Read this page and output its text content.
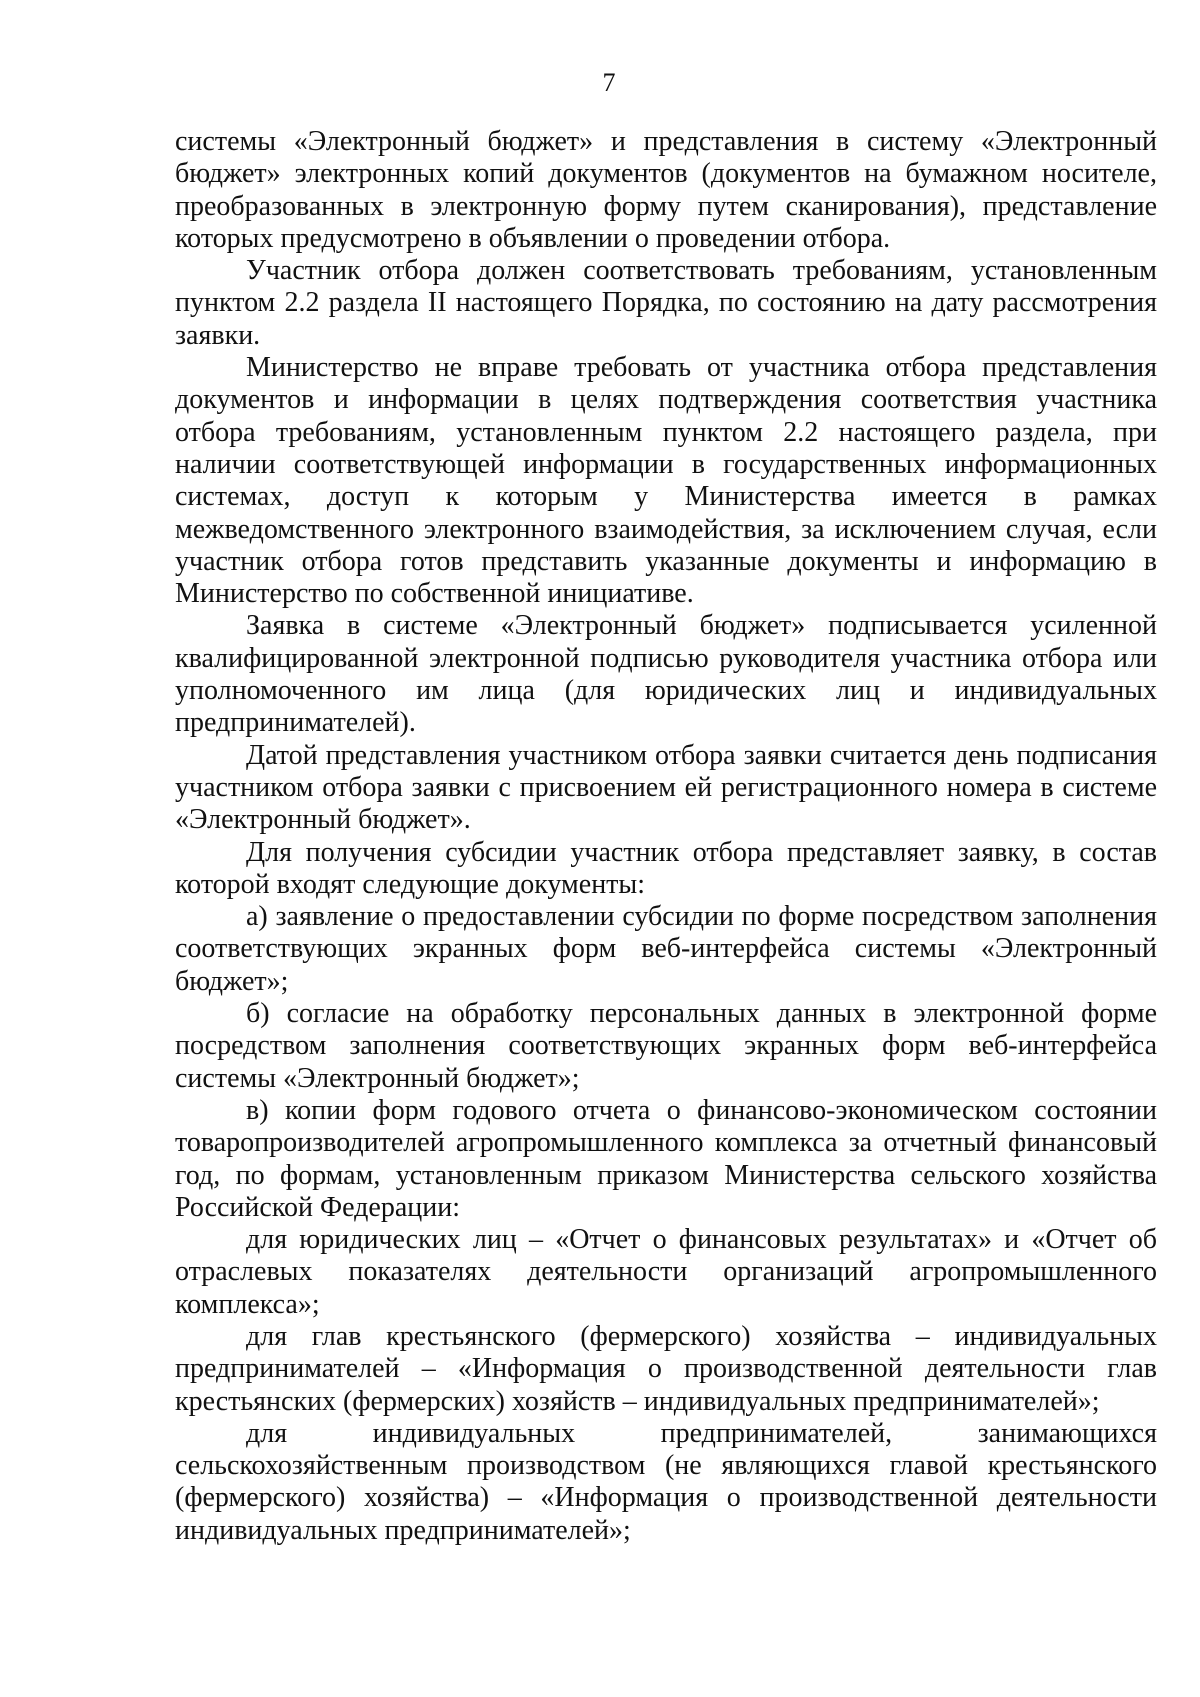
7

системы «Электронный бюджет» и представления в систему «Электронный бюджет» электронных копий документов (документов на бумажном носителе, преобразованных в электронную форму путем сканирования), представление которых предусмотрено в объявлении о проведении отбора.

Участник отбора должен соответствовать требованиям, установленным пунктом 2.2 раздела II настоящего Порядка, по состоянию на дату рассмотрения заявки.

Министерство не вправе требовать от участника отбора представления документов и информации в целях подтверждения соответствия участника отбора требованиям, установленным пунктом 2.2 настоящего раздела, при наличии соответствующей информации в государственных информационных системах, доступ к которым у Министерства имеется в рамках межведомственного электронного взаимодействия, за исключением случая, если участник отбора готов представить указанные документы и информацию в Министерство по собственной инициативе.

Заявка в системе «Электронный бюджет» подписывается усиленной квалифицированной электронной подписью руководителя участника отбора или уполномоченного им лица (для юридических лиц и индивидуальных предпринимателей).

Датой представления участником отбора заявки считается день подписания участником отбора заявки с присвоением ей регистрационного номера в системе «Электронный бюджет».

Для получения субсидии участник отбора представляет заявку, в состав которой входят следующие документы:

а) заявление о предоставлении субсидии по форме посредством заполнения соответствующих экранных форм веб-интерфейса системы «Электронный бюджет»;

б) согласие на обработку персональных данных в электронной форме посредством заполнения соответствующих экранных форм веб-интерфейса системы «Электронный бюджет»;

в) копии форм годового отчета о финансово-экономическом состоянии товаропроизводителей агропромышленного комплекса за отчетный финансовый год, по формам, установленным приказом Министерства сельского хозяйства Российской Федерации:

для юридических лиц – «Отчет о финансовых результатах» и «Отчет об отраслевых показателях деятельности организаций агропромышленного комплекса»;

для глав крестьянского (фермерского) хозяйства – индивидуальных предпринимателей – «Информация о производственной деятельности глав крестьянских (фермерских) хозяйств – индивидуальных предпринимателей»;

для индивидуальных предпринимателей, занимающихся сельскохозяйственным производством (не являющихся главой крестьянского (фермерского) хозяйства) – «Информация о производственной деятельности индивидуальных предпринимателей»;
